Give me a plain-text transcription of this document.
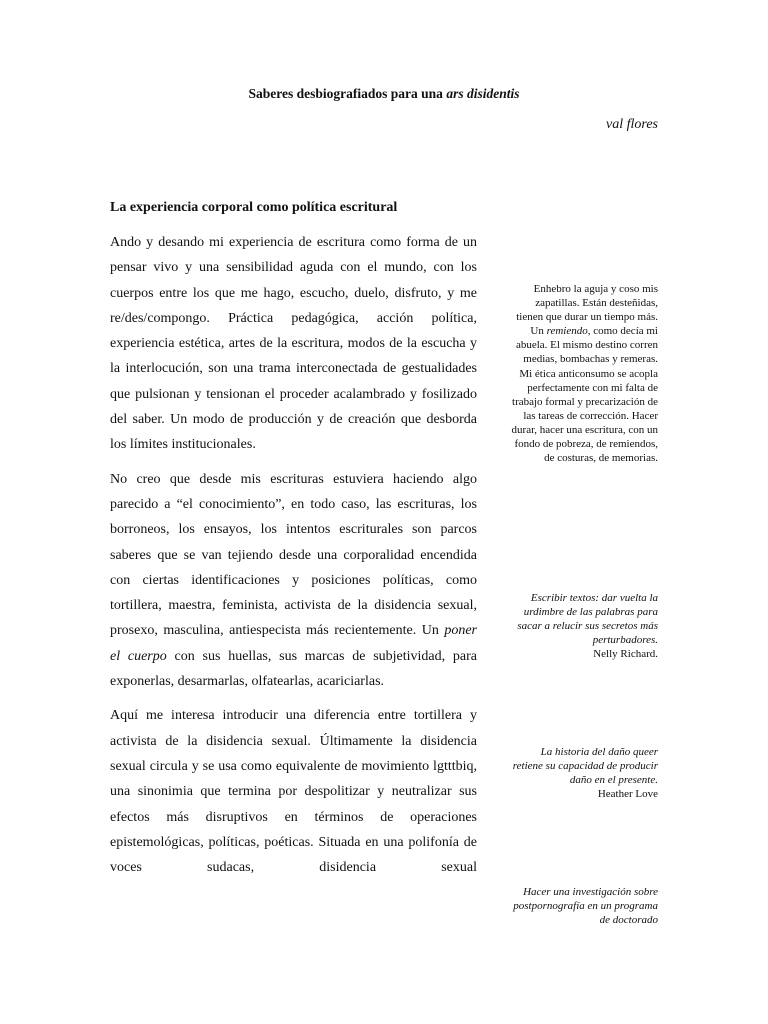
Saberes desbiografiados para una ars disidentis
val flores
La experiencia corporal como política escritural

Ando y desando mi experiencia de escritura como forma de un pensar vivo y una sensibilidad aguda con el mundo, con los cuerpos entre los que me hago, escucho, duelo, disfruto, y me re/des/compongo. Práctica pedagógica, acción política, experiencia estética, artes de la escritura, modos de la escucha y la interlocución, son una trama interconectada de gestualidades que pulsionan y tensionan el proceder acalambrado y fosilizado del saber. Un modo de producción y de creación que desborda los límites institucionales.

No creo que desde mis escrituras estuviera haciendo algo parecido a “el conocimiento”, en todo caso, las escrituras, los borroneos, los ensayos, los intentos escriturales son parcos saberes que se van tejiendo desde una corporalidad encendida con ciertas identificaciones y posiciones políticas, como tortillera, maestra, feminista, activista de la disidencia sexual, prosexo, masculina, antiespecista más recientemente. Un poner el cuerpo con sus huellas, sus marcas de subjetividad, para exponerlas, desarmarlas, olfatearlas, acariciarlas.

Aquí me interesa introducir una diferencia entre tortillera y activista de la disidencia sexual. Últimamente la disidencia sexual circula y se usa como equivalente de movimiento lgtttbiq, una sinonimia que termina por despolitizar y neutralizar sus efectos más disruptivos en términos de operaciones epistemológicas, políticas, poéticas. Situada en una polifonía de voces sudacas, disidencia sexual

Enhebro la aguja y coso mis zapatillas. Están desteñidas, tienen que durar un tiempo más. Un remiendo, como decía mi abuela. El mismo destino corren medias, bombachas y remeras. Mi ética anticonsumo se acopla perfectamente con mi falta de trabajo formal y precarización de las tareas de corrección. Hacer durar, hacer una escritura, con un fondo de pobreza, de remiendos, de costuras, de memorias.
Escribir textos: dar vuelta la urdimbre de las palabras para sacar a relucir sus secretos más perturbadores.
Nelly Richard.
La historia del daño queer retiene su capacidad de producir daño en el presente.
Heather Love
Hacer una investigación sobre postpornografía en un programa de doctorado
